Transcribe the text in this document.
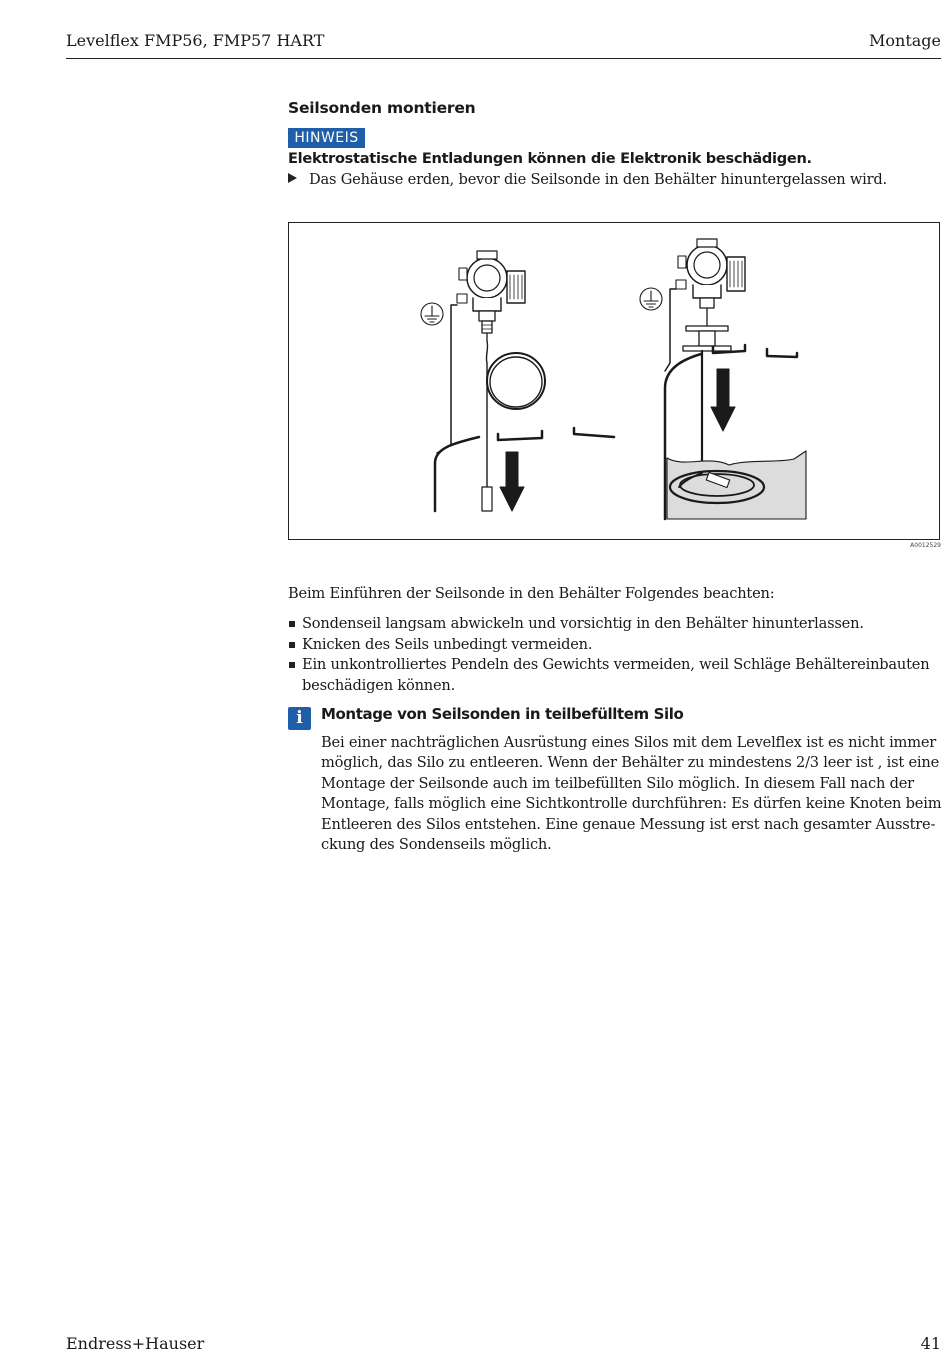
Levelflex FMP56, FMP57 HART	Montage
Seilsonden montieren
HINWEIS
Elektrostatische Entladungen können die Elektronik beschädigen.
Das Gehäuse erden, bevor die Seilsonde in den Behälter hinuntergelassen wird.
A0012529
Beim Einführen der Seilsonde in den Behälter Folgendes beachten:
Sondenseil langsam abwickeln und vorsichtig in den Behälter hinunterlassen.
Knicken des Seils unbedingt vermeiden.
Ein unkontrolliertes Pendeln des Gewichts vermeiden, weil Schläge Behältereinbauten
beschädigen können.
i	Montage von Seilsonden in teilbefülltem Silo
Bei einer nachträglichen Ausrüstung eines Silos mit dem Levelflex ist es nicht immer
möglich, das Silo zu entleeren. Wenn der Behälter zu mindestens 2/3 leer ist , ist eine
Montage der Seilsonde auch im teilbefüllten Silo möglich. In diesem Fall nach der
Montage, falls möglich eine Sichtkontrolle durchführen: Es dürfen keine Knoten beim
Entleeren des Silos entstehen. Eine genaue Messung ist erst nach gesamter Ausstre-
ckung des Sondenseils möglich.
Endress+Hauser	41
